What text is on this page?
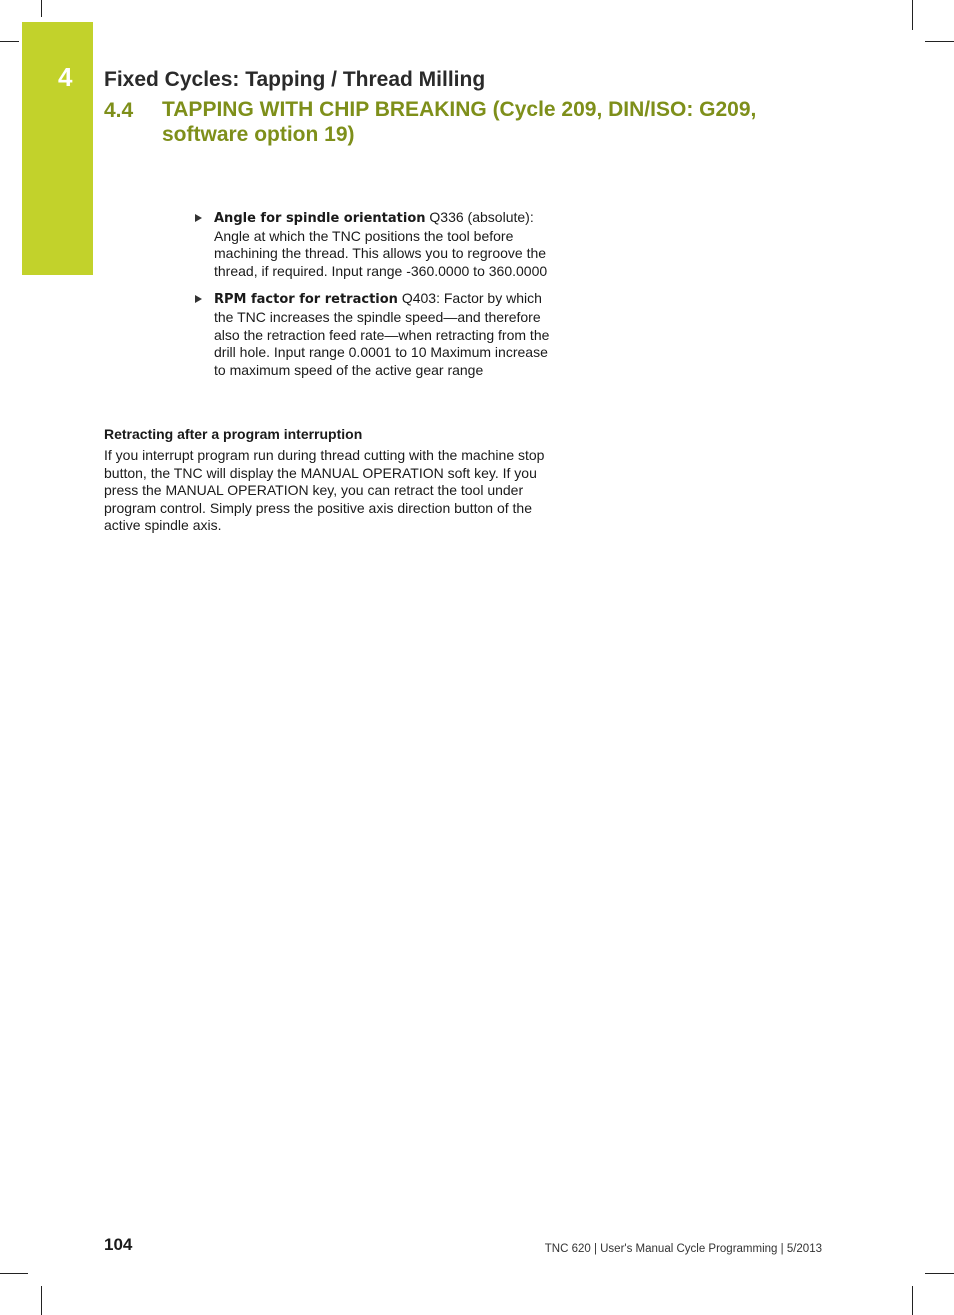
4 Fixed Cycles: Tapping / Thread Milling
4.4 TAPPING WITH CHIP BREAKING (Cycle 209, DIN/ISO: G209, software option 19)
Angle for spindle orientation Q336 (absolute): Angle at which the TNC positions the tool before machining the thread. This allows you to regroove the thread, if required. Input range -360.0000 to 360.0000
RPM factor for retraction Q403: Factor by which the TNC increases the spindle speed—and therefore also the retraction feed rate—when retracting from the drill hole. Input range 0.0001 to 10 Maximum increase to maximum speed of the active gear range
Retracting after a program interruption
If you interrupt program run during thread cutting with the machine stop button, the TNC will display the MANUAL OPERATION soft key. If you press the MANUAL OPERATION key, you can retract the tool under program control. Simply press the positive axis direction button of the active spindle axis.
104	TNC 620 | User's Manual Cycle Programming | 5/2013
